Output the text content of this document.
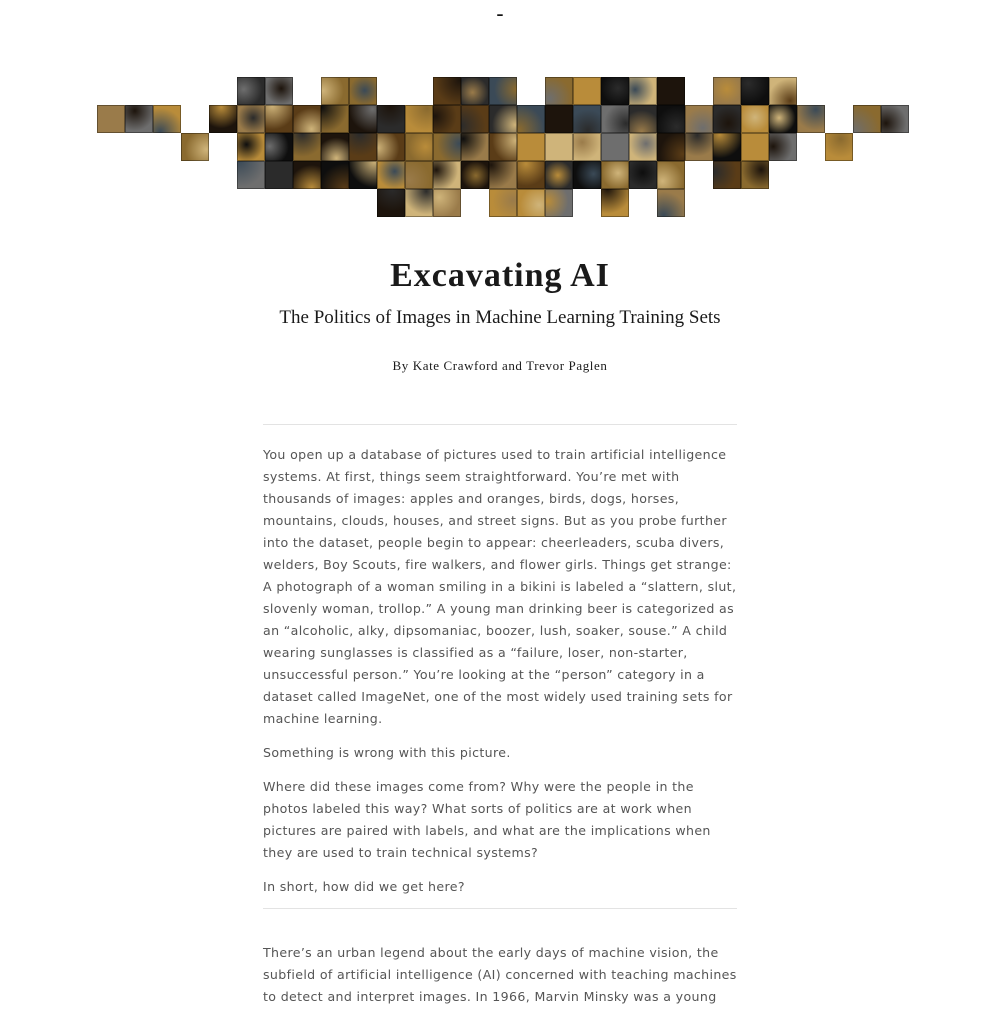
-
Excavating AI

The Politics of Images in Machine Learning Training Sets

By Kate Crawford and Trevor Paglen

You open up a database of pictures used to train artificial intelligence systems. At first, things seem straightforward. You’re met with thousands of images: apples and oranges, birds, dogs, horses, mountains, clouds, houses, and street signs. But as you probe further into the dataset, people begin to appear: cheerleaders, scuba divers, welders, Boy Scouts, fire walkers, and flower girls. Things get strange: A photograph of a woman smiling in a bikini is labeled a “slattern, slut, slovenly woman, trollop.” A young man drinking beer is categorized as an “alcoholic, alky, dipsomaniac, boozer, lush, soaker, souse.” A child wearing sunglasses is classified as a “failure, loser, non-starter, unsuccessful person.” You’re looking at the “person” category in a dataset called ImageNet, one of the most widely used training sets for machine learning.

Something is wrong with this picture.

Where did these images come from? Why were the people in the photos labeled this way? What sorts of politics are at work when pictures are paired with labels, and what are the implications when they are used to train technical systems?

In short, how did we get here?

There’s an urban legend about the early days of machine vision, the subfield of artificial intelligence (AI) concerned with teaching machines to detect and interpret images. In 1966, Marvin Minsky was a young
